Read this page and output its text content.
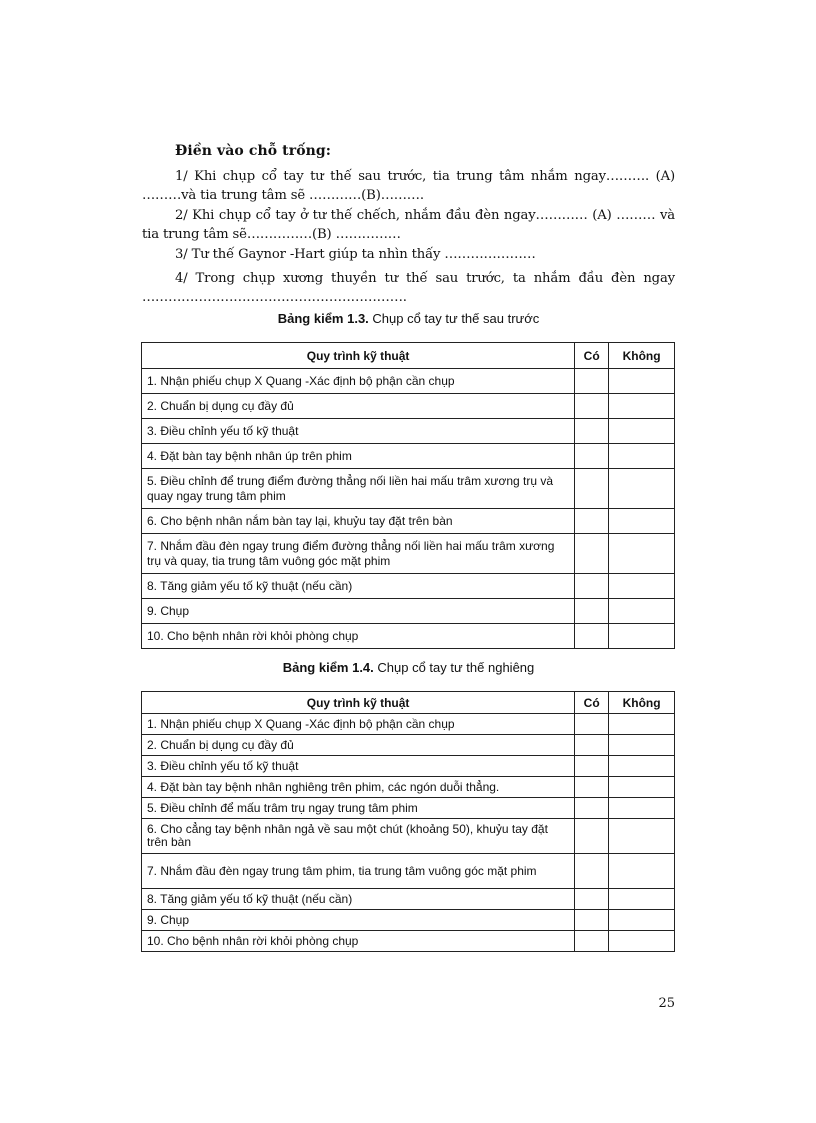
Điền vào chỗ trống:

1/ Khi chụp cổ tay tư thế sau trước, tia trung tâm nhắm ngay………. (A) ………và tia trung tâm sẽ …………(B)……….

2/ Khi chụp cổ tay ở tư thế chếch, nhắm đầu đèn ngay………… (A) ……… và tia trung tâm sẽ……………(B) ……………

3/ Tư thế Gaynor -Hart giúp ta nhìn thấy …………………

4/ Trong chụp xương thuyền tư thế sau trước, ta nhắm đầu đèn ngay …………………………………………………….

Bảng kiểm 1.3. Chụp cổ tay tư thế sau trước
Quy trình kỹ thuật	Có	Không
1. Nhận phiếu chụp X Quang -Xác định bộ phận cần chụp		
2. Chuẩn bị dụng cụ đầy đủ		
3. Điều chỉnh yếu tố kỹ thuật		
4. Đặt bàn tay bệnh nhân úp trên phim		
5. Điều chỉnh để trung điểm đường thẳng nối liền hai mấu trâm xương trụ và quay ngay trung tâm phim		
6. Cho bệnh nhân nắm bàn tay lại, khuỷu tay đặt trên bàn		
7. Nhắm đầu đèn ngay trung điểm đường thẳng nối liền hai mấu trâm xương trụ và quay, tia trung tâm vuông góc mặt phim		
8. Tăng giảm yếu tố kỹ thuật (nếu cần)		
9. Chụp		
10. Cho bệnh nhân rời khỏi phòng chụp		
Bảng kiểm 1.4. Chụp cổ tay tư thế nghiêng
Quy trình kỹ thuật	Có	Không
1. Nhận phiếu chụp X Quang -Xác định bộ phận cần chụp		
2. Chuẩn bị dụng cụ đầy đủ		
3. Điều chỉnh yếu tố kỹ thuật		
4. Đặt bàn tay bệnh nhân nghiêng trên phim, các ngón duỗi thẳng.		
5. Điều chỉnh để mấu trâm trụ ngay trung tâm phim		
6. Cho cẳng tay bệnh nhân ngả về sau một chút (khoảng 50), khuỷu tay đặt trên bàn		
7. Nhắm đầu đèn ngay trung tâm phim, tia trung tâm vuông góc mặt phim		
8. Tăng giảm yếu tố kỹ thuật (nếu cần)		
9. Chụp		
10. Cho bệnh nhân rời khỏi phòng chụp		
25
